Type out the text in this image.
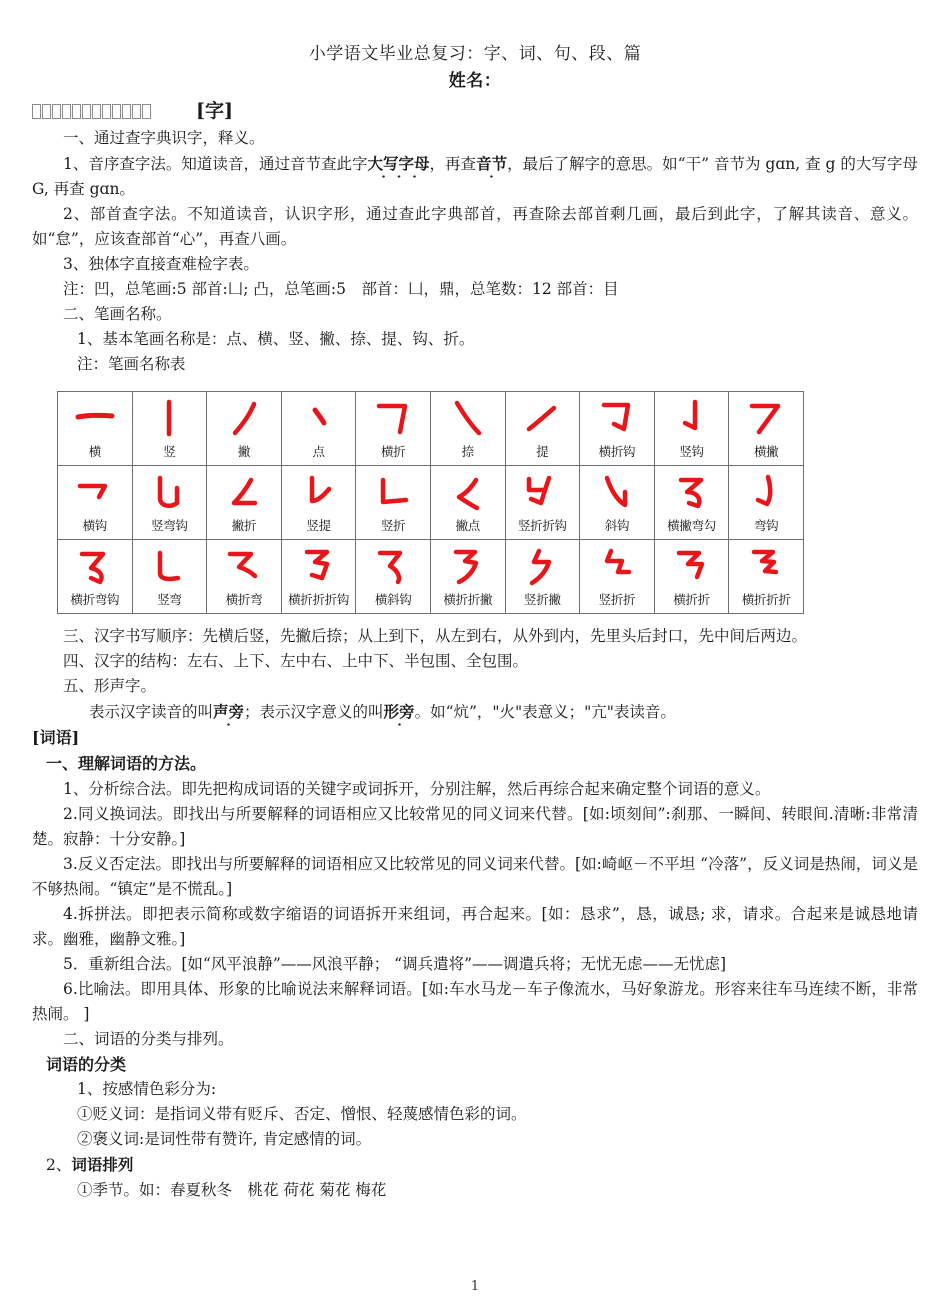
小学语文毕业总复习：字、词、句、段、篇
姓名：
[字]

一、通过查字典识字，释义。

1、音序查字法。知道读音，通过音节查此字大写字母，再查音节，最后了解字的意思。如“干” 音节为 gɑn, 查 g 的大写字母 G, 再查 gɑn。

2、部首查字法。不知道读音，认识字形，通过查此字典部首，再查除去部首剩几画，最后到此字，了解其读音、意义。如“怠”，应该查部首“心”，再查八画。

3、独体字直接查难检字表。

注：凹，总笔画:5 部首:凵; 凸，总笔画:5　部首：凵，鼎，总笔数：12 部首：目

二、笔画名称。

1、基本笔画名称是：点、横、竖、撇、捺、提、钩、折。

注：笔画名称表

横	竖	撇	点	横折	捺	提	横折钩	竖钩	横撇

横钩	竖弯钩	撇折	竖提	竖折	撇点	竖折折钩	斜钩	横撇弯勾	弯钩

横折弯钩	竖弯	横折弯	横折折折钩	横斜钩	横折折撇	竖折撇	竖折折	横折折	横折折折

三、汉字书写顺序：先横后竖，先撇后捺；从上到下，从左到右，从外到内，先里头后封口，先中间后两边。

四、汉字的结构：左右、上下、左中右、上中下、半包围、全包围。

五、形声字。

表示汉字读音的叫声旁；表示汉字意义的叫形旁。如“炕”，"火"表意义；"亢"表读音。

[词语]

一、理解词语的方法。

1、分析综合法。即先把构成词语的关键字或词拆开，分别注解，然后再综合起来确定整个词语的意义。

2.同义换词法。即找出与所要解释的词语相应又比较常见的同义词来代替。[如:顷刻间”:刹那、一瞬间、转眼间.清晰:非常清楚。寂静：十分安静。]

3.反义否定法。即找出与所要解释的词语相应又比较常见的同义词来代替。[如:崎岖－不平坦 “冷落”，反义词是热闹，词义是不够热闹。“镇定”是不慌乱。]

4.拆拼法。即把表示简称或数字缩语的词语拆开来组词，再合起来。[如：恳求”，恳，诚恳; 求，请求。合起来是诚恳地请求。幽雅，幽静文雅。]

5．重新组合法。[如“风平浪静”——风浪平静； “调兵遣将”——调遣兵将；无忧无虑——无忧虑]

6.比喻法。即用具体、形象的比喻说法来解释词语。[如:车水马龙－车子像流水，马好象游龙。形容来往车马连续不断，非常热闹。 ]

二、词语的分类与排列。

词语的分类

1、按感情色彩分为:

①贬义词：是指词义带有贬斥、否定、憎恨、轻蔑感情色彩的词。

②褒义词:是词性带有赞许, 肯定感情的词。

2、词语排列

①季节。如：春夏秋冬　桃花 荷花 菊花 梅花

1
